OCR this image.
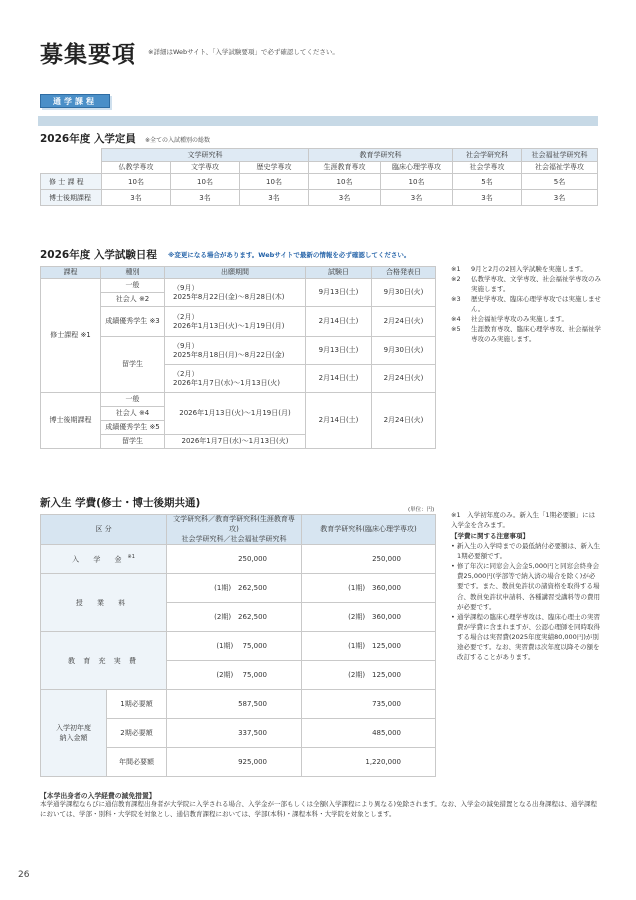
募集要項 ※詳細はWebサイト、「入学試験要項」で必ず確認してください。
通学課程
2026年度 入学定員 ※全ての入試種別の総数
	文学研究科			教育学研究科		社会学研究科	社会福祉学研究科
	仏教学専攻	文学専攻	歴史学専攻	生涯教育専攻	臨床心理学専攻	社会学専攻	社会福祉学専攻
修 士 課 程	10名	10名	10名	10名	10名	5名	5名
博士後期課程	3名	3名	3名	3名	3名	3名	3名
2026年度 入学試験日程 ※変更になる場合があります。Webサイトで最新の情報を必ず確認してください。
課程	種別	出願期間	試験日	合格発表日
修士課程 ※1	一般	（9月）
2025年8月22日(金)～8月28日(木)	9月13日(土)	9月30日(火)
	社会人 ※2			
	成績優秀学生 ※3	（2月）
2026年1月13日(火)～1月19日(月)	2月14日(土)	2月24日(火)
	留学生	（9月）
2025年8月18日(月)～8月22日(金)	9月13日(土)	9月30日(火)

		（2月）
2026年1月7日(水)～1月13日(火)	2月14日(土)	2月24日(火)

博士後期課程	一般	2026年1月13日(火)～1月19日(月)	2月14日(土)	2月24日(火)
	社会人 ※4			
	成績優秀学生 ※5			
	留学生	2026年1月7日(水)～1月13日(火)		
※1	9月と2月の2回入学試験を実施します。
※2	仏教学専攻、文学専攻、社会福祉学専攻のみ実施します。
※3	歴史学専攻、臨床心理学専攻では実施しません。
※4	社会福祉学専攻のみ実施します。
※5	生涯教育専攻、臨床心理学専攻、社会福祉学専攻のみ実施します。
新入生 学費(修士・博士後期共通)
(単位：円)
区 分		文学研究科／教育学研究科(生涯教育専攻)
社会学研究科／社会福祉学研究科	教育学研究科(臨床心理学専攻)
入 学 金$^{※1}$		250,000	250,000
授 業 料		(1期)　262,500	(1期)　360,000
		(2期)　262,500	(2期)　360,000
教 育 充 実 費		(1期)　 75,000	(1期)　125,000
		(2期)　 75,000	(2期)　125,000

入学初年度
納入金額	1期必要額	587,500	735,000
	2期必要額	337,500	485,000
	年間必要額	925,000	1,220,000
※1　入学初年度のみ。新入生「1期必要額」には入学金を含みます。
【学費に関する注意事項】
• 新入生の入学時までの最低納付必要額は、新入生1期必要額です。
• 修了年次に同窓会入会金5,000円と同窓会終身会費25,000円(学部等で納入済の場合を除く)が必要です。また、教員免許状の諸資格を取得する場合、教員免許状申請料、各種講習受講料等の費用が必要です。
• 通学課程の臨床心理学専攻は、臨床心理士の実習費が学費に含まれますが、公認心理師を同時取得する場合は実習費(2025年度実績80,000円)が別途必要です。なお、実習費は次年度以降その額を改訂することがあります。
【本学出身者の入学経費の減免措置】
本学通学課程ならびに通信教育課程出身者が大学院に入学される場合、入学金が一部もしくは全額(入学課程により異なる)免除されます。なお、入学金の減免措置となる出身課程は、通学課程においては、学部・別科・大学院を対象とし、通信教育課程においては、学部(本科)・課程本科・大学院を対象とします。
26
